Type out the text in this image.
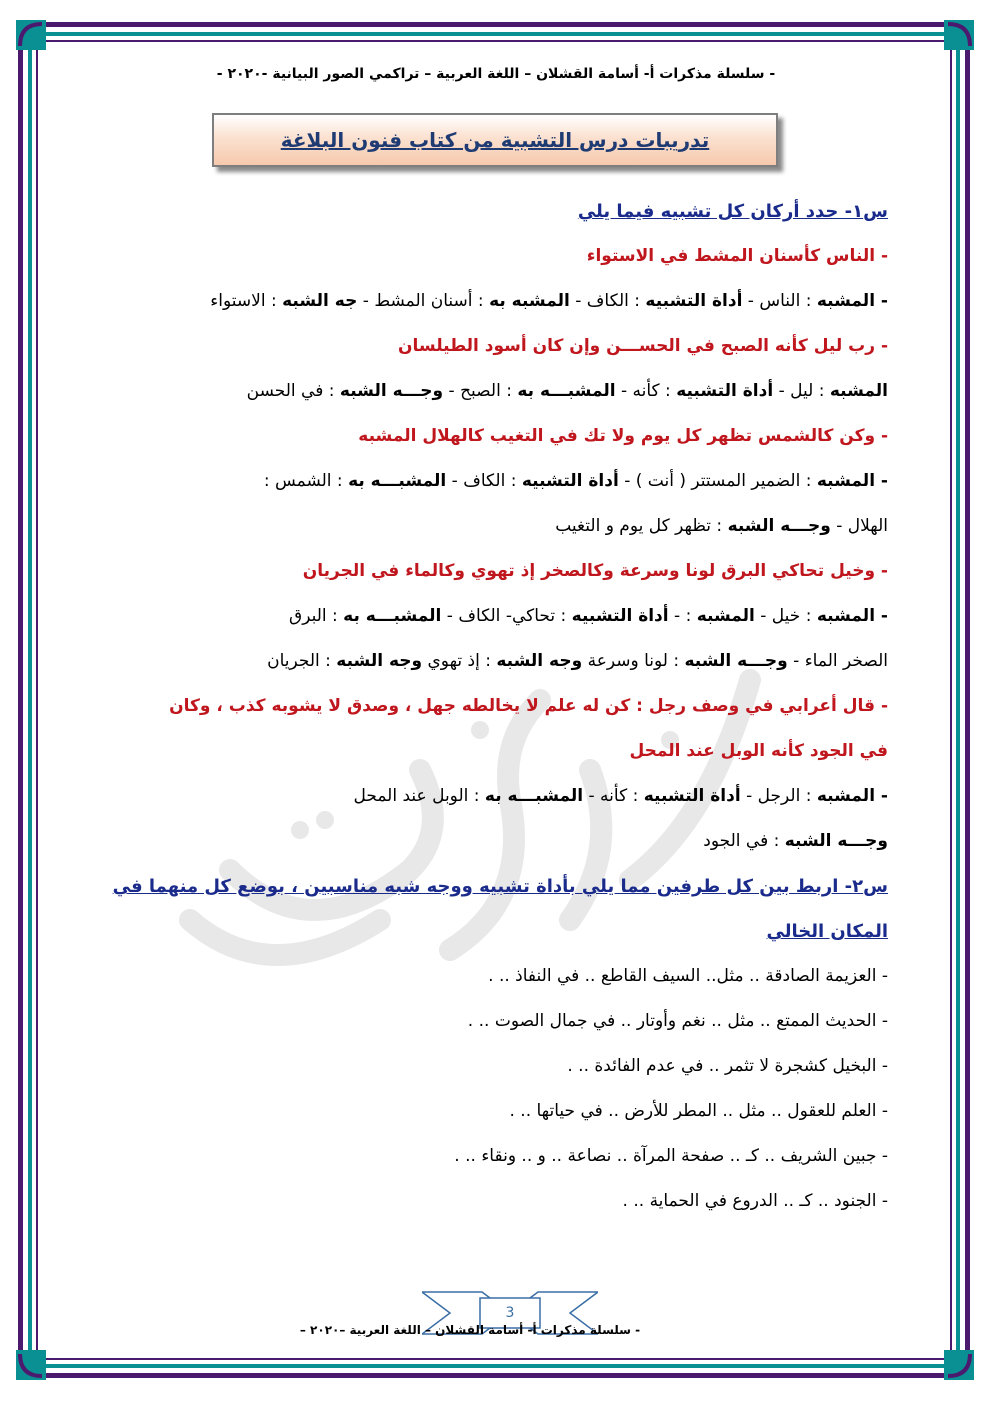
- سلسلة مذكرات أ- أسامة القشلان – اللغة العربية – تراكمي الصور البيانية -٢٠٢٠ -
تدريبات درس التشبية من كتاب فنون البلاغة
س١- حدد أركان كل تشبيه فيما يلي
- الناس كأسنان المشط في الاستواء
- المشبه : الناس - أداة التشبيه : الكاف - المشبه به : أسنان المشط - جه الشبه : الاستواء
- رب ليل كأنه الصبح في الحســـن وإن كان أسود الطيلسان
المشبه : ليل - أداة التشبيه : كأنه - المشبـــه به : الصبح - وجـــه الشبه : في الحسن
- وكن كالشمس تظهر كل يوم ولا تك في التغيب كالهلال المشبه
- المشبه : الضمير المستتر ( أنت ) - أداة التشبيه : الكاف - المشبـــه به : الشمس :
الهلال - وجـــه الشبه : تظهر كل يوم و التغيب
- وخيل تحاكي البرق لونا وسرعة وكالصخر إذ تهوي وكالماء في الجريان
- المشبه : خيل - المشبه : - أداة التشبيه : تحاكي- الكاف - المشبـــه به : البرق
الصخر الماء - وجـــه الشبه : لونا وسرعة وجه الشبه : إذ تهوي وجه الشبه : الجريان
- قال أعرابي في وصف رجل : كن له علم لا يخالطه جهل ، وصدق لا يشوبه كذب ، وكان
في الجود كأنه الوبل عند المحل
- المشبه : الرجل - أداة التشبيه : كأنه - المشبـــه به : الوبل عند المحل
وجـــه الشبه : في الجود
س٢- اربط بين كل طرفين مما يلي بأداة تشبيه ووجه شبه مناسبين ، بوضع كل منهما في
المكان الخالي
- العزيمة الصادقة .. مثل.. السيف القاطع .. في النفاذ .. .
- الحديث الممتع .. مثل .. نغم وأوتار .. في جمال الصوت .. .
- البخيل كشجرة لا تثمر .. في عدم الفائدة .. .
- العلم للعقول .. مثل .. المطر للأرض .. في حياتها .. .
- جبين الشريف .. كـ .. صفحة المرآة .. نصاعة .. و .. ونقاء .. .
- الجنود .. كـ .. الدروع في الحماية .. .
3
- سلسلة مذكرات أ- أسامة القشلان – اللغة العربية –٢٠٢٠ –
